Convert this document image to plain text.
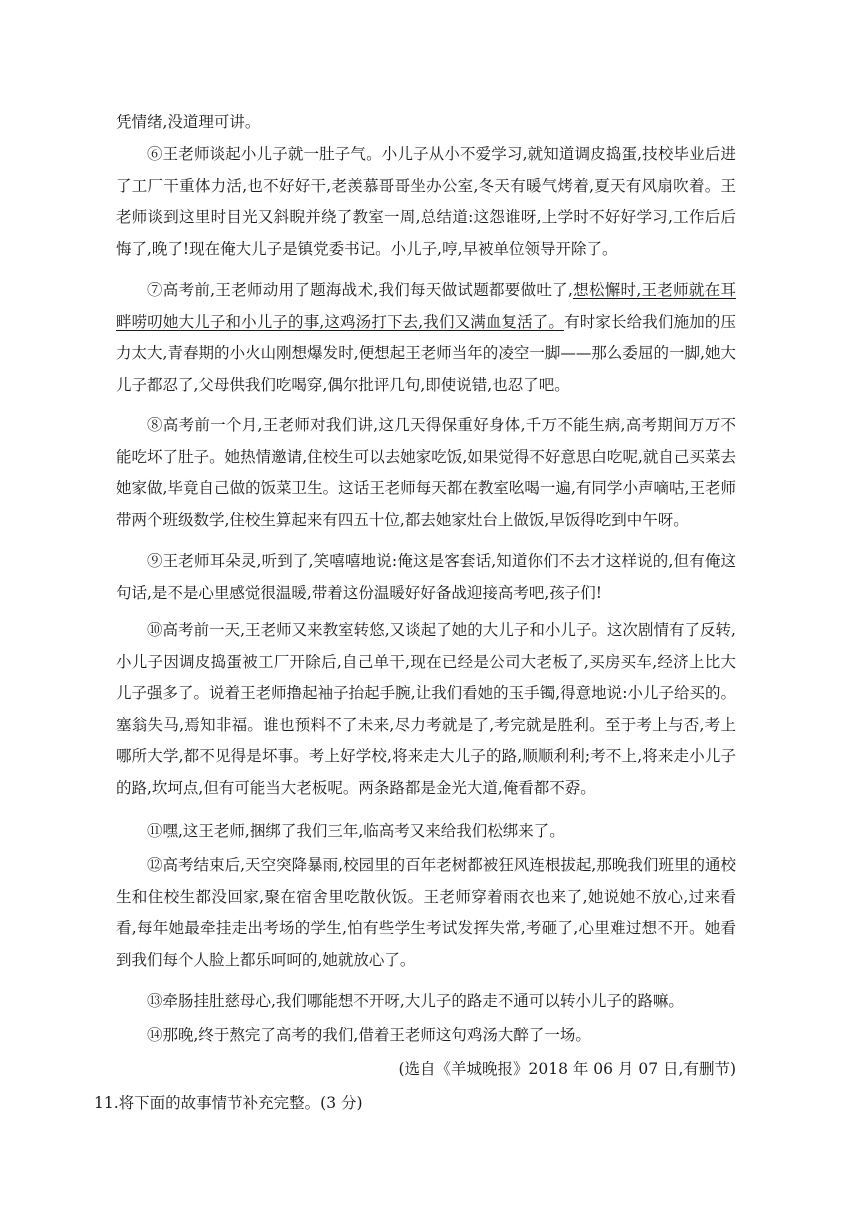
凭情绪,没道理可讲。

⑥王老师谈起小儿子就一肚子气。小儿子从小不爱学习,就知道调皮捣蛋,技校毕业后进了工厂干重体力活,也不好好干,老羡慕哥哥坐办公室,冬天有暖气烤着,夏天有风扇吹着。王老师谈到这里时目光又斜睨并绕了教室一周,总结道:这怨谁呀,上学时不好好学习,工作后后悔了,晚了!现在俺大儿子是镇党委书记。小儿子,哼,早被单位领导开除了。

⑦高考前,王老师动用了题海战术,我们每天做试题都要做吐了,想松懈时,王老师就在耳畔唠叨她大儿子和小儿子的事,这鸡汤打下去,我们又满血复活了。有时家长给我们施加的压力太大,青春期的小火山刚想爆发时,便想起王老师当年的凌空一脚——那么委屈的一脚,她大儿子都忍了,父母供我们吃喝穿,偶尔批评几句,即使说错,也忍了吧。

⑧高考前一个月,王老师对我们讲,这几天得保重好身体,千万不能生病,高考期间万万不能吃坏了肚子。她热情邀请,住校生可以去她家吃饭,如果觉得不好意思白吃呢,就自己买菜去她家做,毕竟自己做的饭菜卫生。这话王老师每天都在教室吆喝一遍,有同学小声嘀咕,王老师带两个班级数学,住校生算起来有四五十位,都去她家灶台上做饭,早饭得吃到中午呀。

⑨王老师耳朵灵,听到了,笑嘻嘻地说:俺这是客套话,知道你们不去才这样说的,但有俺这句话,是不是心里感觉很温暖,带着这份温暖好好备战迎接高考吧,孩子们!

⑩高考前一天,王老师又来教室转悠,又谈起了她的大儿子和小儿子。这次剧情有了反转,小儿子因调皮捣蛋被工厂开除后,自己单干,现在已经是公司大老板了,买房买车,经济上比大儿子强多了。说着王老师撸起袖子抬起手腕,让我们看她的玉手镯,得意地说:小儿子给买的。塞翁失马,焉知非福。谁也预料不了未来,尽力考就是了,考完就是胜利。至于考上与否,考上哪所大学,都不见得是坏事。考上好学校,将来走大儿子的路,顺顺利利;考不上,将来走小儿子的路,坎坷点,但有可能当大老板呢。两条路都是金光大道,俺看都不孬。

⑪嘿,这王老师,捆绑了我们三年,临高考又来给我们松绑来了。

⑫高考结束后,天空突降暴雨,校园里的百年老树都被狂风连根拔起,那晚我们班里的通校生和住校生都没回家,聚在宿舍里吃散伙饭。王老师穿着雨衣也来了,她说她不放心,过来看看,每年她最牵挂走出考场的学生,怕有些学生考试发挥失常,考砸了,心里难过想不开。她看到我们每个人脸上都乐呵呵的,她就放心了。

⑬牵肠挂肚慈母心,我们哪能想不开呀,大儿子的路走不通可以转小儿子的路嘛。

⑭那晚,终于熬完了高考的我们,借着王老师这句鸡汤大醉了一场。

(选自《羊城晚报》2018 年 06 月 07 日,有删节)

11.将下面的故事情节补充完整。(3 分)
